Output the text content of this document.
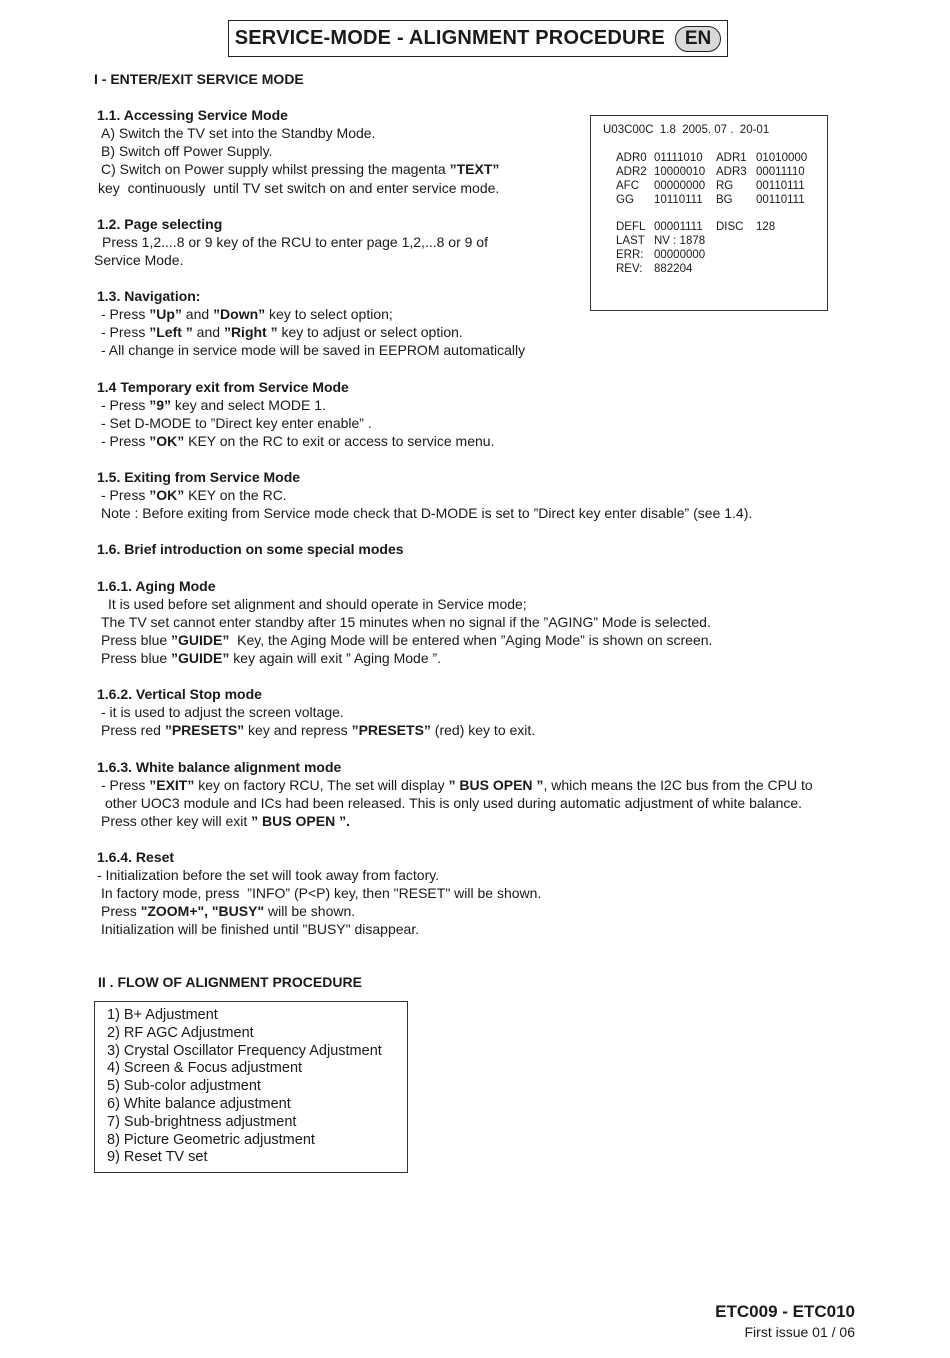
SERVICE-MODE - ALIGNMENT PROCEDURE	EN
I - ENTER/EXIT SERVICE MODE
1.1. Accessing Service Mode
A) Switch the TV set into the Standby Mode.
B) Switch off Power Supply.
C) Switch on Power supply whilst pressing the magenta ”TEXT”
key  continuously  until TV set switch on and enter service mode.
1.2. Page selecting
Press 1,2....8 or 9 key of the RCU to enter page 1,2,...8 or 9 of
Service Mode.
1.3. Navigation:
- Press ”Up” and ”Down” key to select option;
- Press ”Left ” and ”Right ” key to adjust or select option.
- All change in service mode will be saved in EEPROM automatically
1.4 Temporary exit from Service Mode
- Press ”9” key and select MODE 1.
- Set D-MODE to ”Direct key enter enable” .
- Press ”OK” KEY on the RC to exit or access to service menu.
1.5. Exiting from Service Mode
- Press ”OK” KEY on the RC.
Note : Before exiting from Service mode check that D-MODE is set to ”Direct key enter disable” (see 1.4).
1.6. Brief introduction on some special modes
1.6.1. Aging Mode
It is used before set alignment and should operate in Service mode;
The TV set cannot enter standby after 15 minutes when no signal if the ”AGING” Mode is selected.
Press blue ”GUIDE”  Key, the Aging Mode will be entered when ”Aging Mode” is shown on screen.
Press blue ”GUIDE” key again will exit ” Aging Mode ”.
1.6.2. Vertical Stop mode
- it is used to adjust the screen voltage.
Press red ”PRESETS” key and repress ”PRESETS” (red) key to exit.
1.6.3. White balance alignment mode
- Press ”EXIT” key on factory RCU, The set will display ” BUS OPEN ”, which means the I2C bus from the CPU to
other UOC3 module and ICs had been released. This is only used during automatic adjustment of white balance.
Press other key will exit ” BUS OPEN ”.
1.6.4. Reset
- Initialization before the set will took away from factory.
In factory mode, press  ”INFO” (P<P) key, then "RESET" will be shown.
Press "ZOOM+", "BUSY" will be shown.
Initialization will be finished until "BUSY" disappear.
II . FLOW OF ALIGNMENT PROCEDURE
U03C00C  1.8  2005. 07 .  20-01
ADR0 01111010 ADR1 01010000
ADR2 10000010 ADR3 00011110
AFC 00000000 RG 00110111
GG 10110111 BG 00110111
DEFL 00001111 DISC 128
LAST NV : 1878
ERR: 00000000
REV: 882204
1) B+ Adjustment
2) RF AGC Adjustment
3) Crystal Oscillator Frequency Adjustment
4) Screen & Focus adjustment
5) Sub-color adjustment
6) White balance adjustment
7) Sub-brightness adjustment
8) Picture Geometric adjustment
9) Reset TV set
ETC009 - ETC010
First issue 01 / 06
